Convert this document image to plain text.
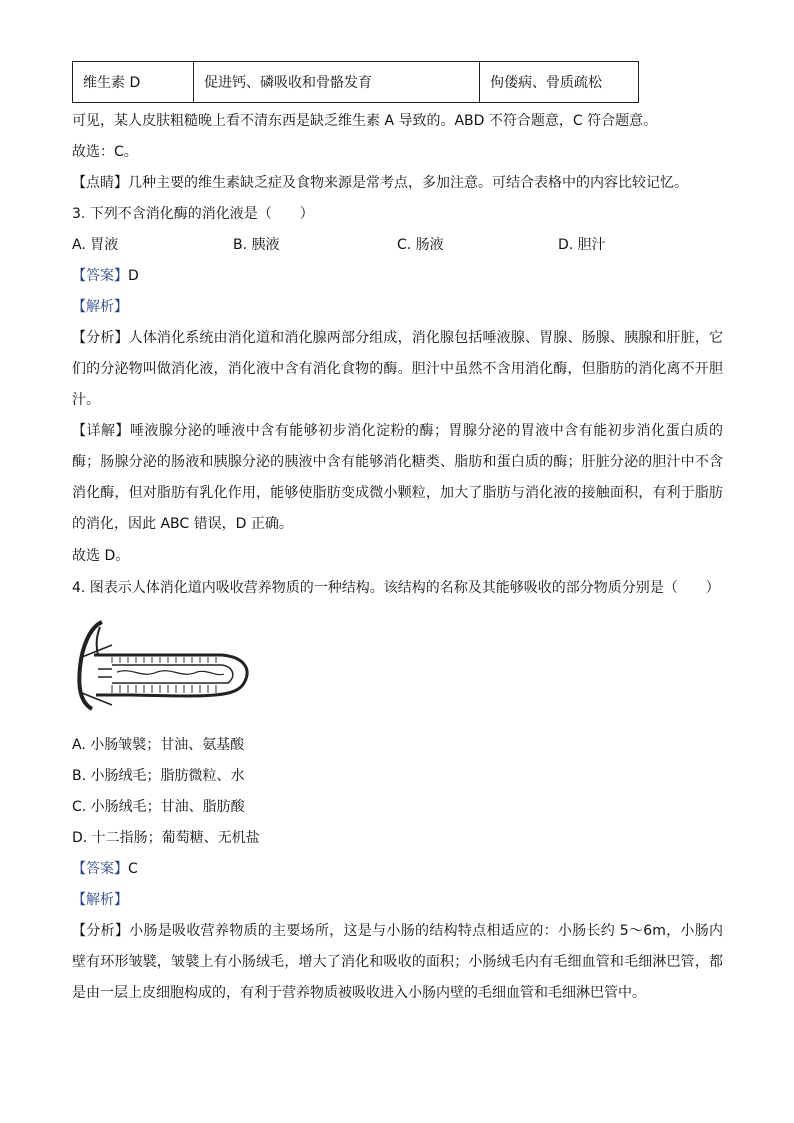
维生素 D	促进钙、磷吸收和骨骼发育	佝偻病、骨质疏松
可见，某人皮肤粗糙晚上看不清东西是缺乏维生素 A 导致的。ABD 不符合题意，C 符合题意。
故选：C。
【点睛】几种主要的维生素缺乏症及食物来源是常考点，多加注意。可结合表格中的内容比较记忆。
3. 下列不含消化酶的消化液是（　　）
A. 胃液	B. 胰液	C. 肠液	D. 胆汁
【答案】D
【解析】
【分析】人体消化系统由消化道和消化腺两部分组成，消化腺包括唾液腺、胃腺、肠腺、胰腺和肝脏，它们的分泌物叫做消化液，消化液中含有消化食物的酶。胆汁中虽然不含用消化酶，但脂肪的消化离不开胆汁。
【详解】唾液腺分泌的唾液中含有能够初步消化淀粉的酶；胃腺分泌的胃液中含有能初步消化蛋白质的酶；肠腺分泌的肠液和胰腺分泌的胰液中含有能够消化糖类、脂肪和蛋白质的酶；肝脏分泌的胆汁中不含消化酶，但对脂肪有乳化作用，能够使脂肪变成微小颗粒，加大了脂肪与消化液的接触面积，有利于脂肪的消化，因此 ABC 错误，D 正确。
故选 D。
4. 图表示人体消化道内吸收营养物质的一种结构。该结构的名称及其能够吸收的部分物质分别是（　　）
A. 小肠皱襞；甘油、氨基酸
B. 小肠绒毛；脂肪微粒、水
C. 小肠绒毛；甘油、脂肪酸
D. 十二指肠；葡萄糖、无机盐
【答案】C
【解析】
【分析】小肠是吸收营养物质的主要场所，这是与小肠的结构特点相适应的：小肠长约 5～6m，小肠内壁有环形皱襞，皱襞上有小肠绒毛，增大了消化和吸收的面积；小肠绒毛内有毛细血管和毛细淋巴管，都是由一层上皮细胞构成的，有利于营养物质被吸收进入小肠内壁的毛细血管和毛细淋巴管中。
